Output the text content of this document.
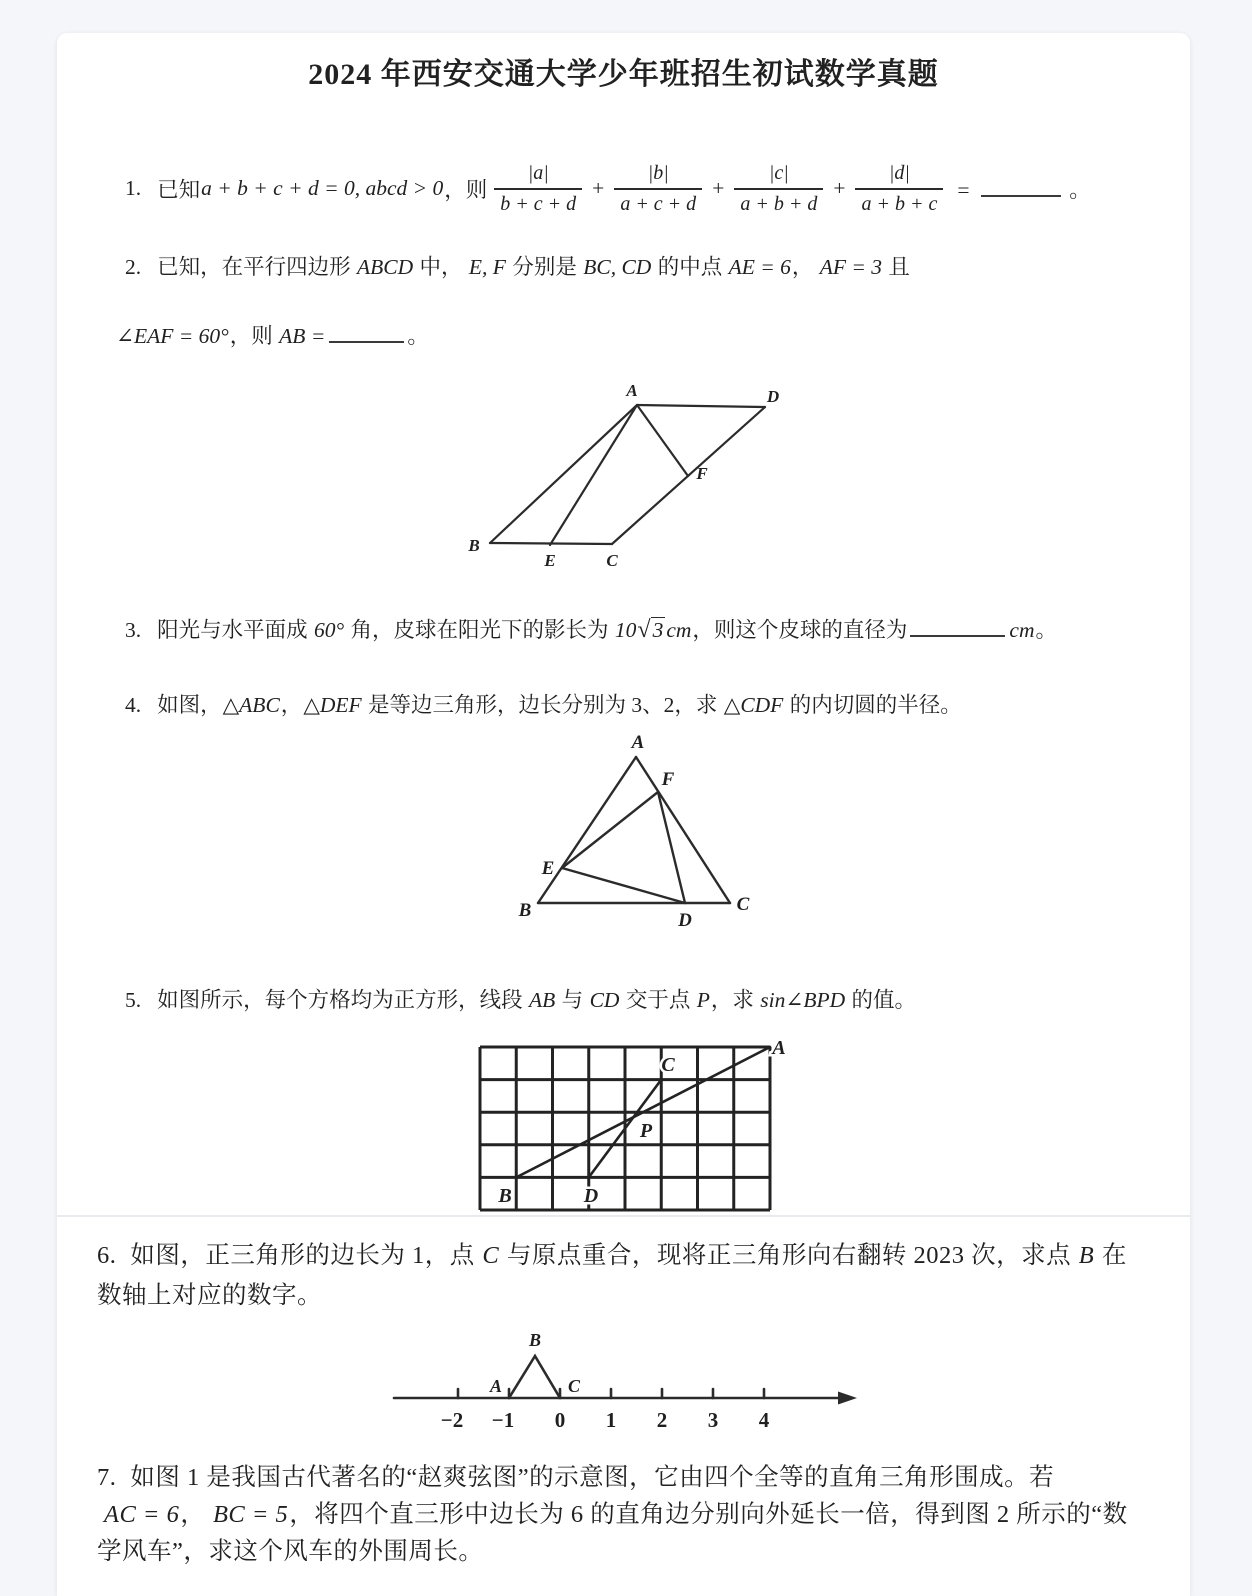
2024 年西安交通大学少年班招生初试数学真题
1. 已知 a + b + c + d = 0, abcd > 0 ，则 $\frac{|a|}{b + c + d} + \frac{|b|}{a + c + d} + \frac{|c|}{a + b + d} + \frac{|d|}{a + b + c}$ =	。
2. 已知，在平行四边形 ABCD 中， E, F 分别是 BC, CD 的中点 AE = 6， AF = 3 且
∠EAF = 60°，则 AB =	。
A	D
B
E	C
F
3. 阳光与水平面成 60° 角，皮球在阳光下的影长为 10√3 cm，则这个皮球的直径为	cm。
4. 如图，△ABC，△DEF 是等边三角形，边长分别为 3、2，求 △CDF 的内切圆的半径。
A
F
E
B	D
C
5. 如图所示，每个方格均为正方形，线段 AB 与 CD 交于点 P，求 sin∠BPD 的值。
A
C
P
B	D
6. 如图，正三角形的边长为 1，点 C 与原点重合，现将正三角形向右翻转 2023 次，求点 B 在
数轴上对应的数字。
A
B
C
−2 −1 0 1 2 3 4
7. 如图 1 是我国古代著名的“赵爽弦图”的示意图，它由四个全等的直角三角形围成。若
AC = 6， BC = 5，将四个直三形中边长为 6 的直角边分别向外延长一倍，得到图 2 所示的“数
学风车”，求这个风车的外围周长。
